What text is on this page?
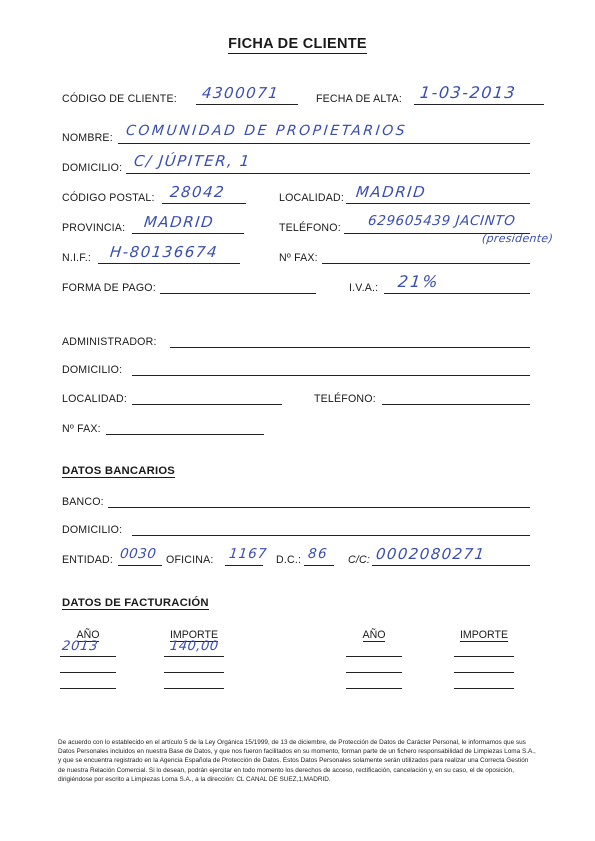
FICHA DE CLIENTE
CÓDIGO DE CLIENTE: 4300071	FECHA DE ALTA: 1-03-2013
NOMBRE: COMUNIDAD DE PROPIETARIOS
DOMICILIO: C/ JÚPITER, 1
CÓDIGO POSTAL: 28042	LOCALIDAD: MADRID
PROVINCIA: MADRID	TELÉFONO: 629605439 JACINTO
(presidente)
N.I.F.: H-80136674	Nº FAX:
FORMA DE PAGO:	I.V.A.: 21%
ADMINISTRADOR:
DOMICILIO:
LOCALIDAD:	TELÉFONO:
Nº FAX:
DATOS BANCARIOS
BANCO:
DOMICILIO:
ENTIDAD: 0030 OFICINA: 1167 D.C.: 86 C/C: 0002080271
DATOS DE FACTURACIÓN
AÑO	IMPORTE	AÑO	IMPORTE
2013	140,00
De acuerdo con lo establecido en el artículo 5 de la Ley Orgánica 15/1999, de 13 de diciembre, de Protección de Datos de Carácter Personal, le informamos que sus Datos Personales incluidos en nuestra Base de Datos, y que nos fueron facilitados en su momento, forman parte de un fichero responsabilidad de Limpiezas Loma S.A., y que se encuentra registrado en la Agencia Española de Protección de Datos. Estos Datos Personales solamente serán utilizados para realizar una Correcta Gestión de nuestra Relación Comercial. Si lo desean, podrán ejercitar en todo momento los derechos de acceso, rectificación, cancelación y, en su caso, el de oposición, dirigiéndose por escrito a Limpiezas Loma S.A., a la dirección: CL CANAL DE SUEZ,1,MADRID.
